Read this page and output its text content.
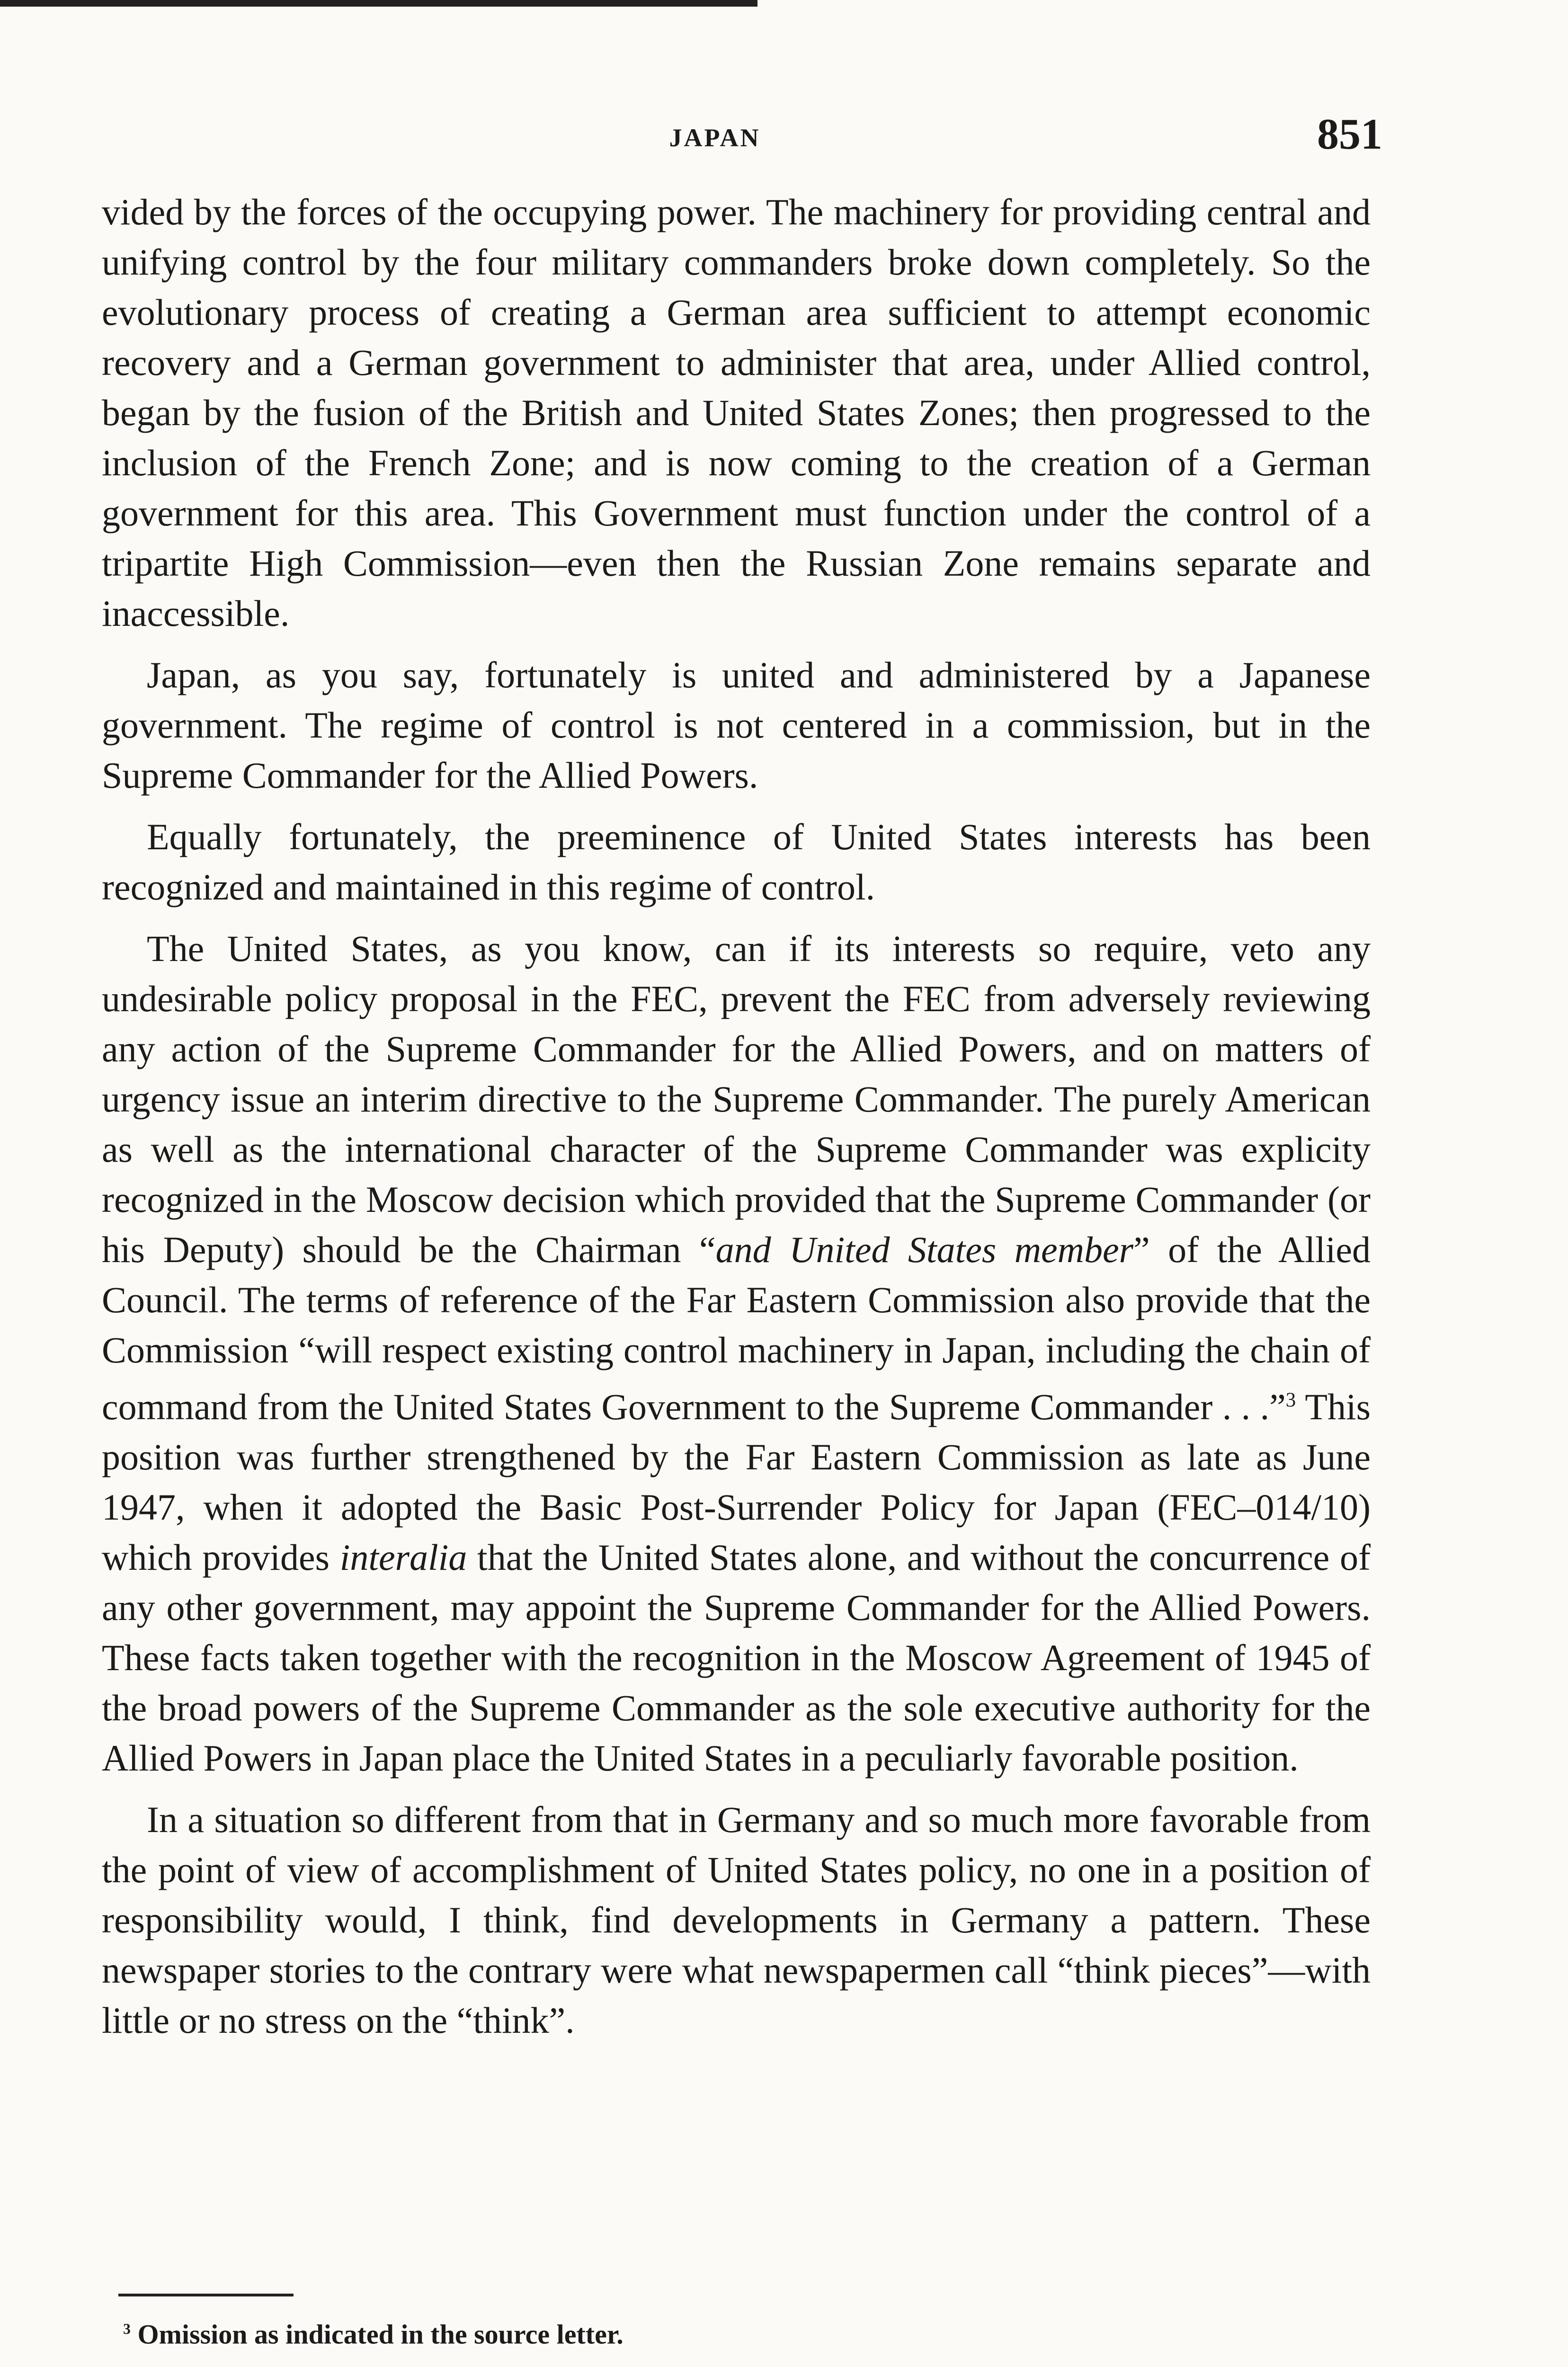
JAPAN	851

vided by the forces of the occupying power. The machinery for providing central and unifying control by the four military commanders broke down completely. So the evolutionary process of creating a German area sufficient to attempt economic recovery and a German government to administer that area, under Allied control, began by the fusion of the British and United States Zones; then progressed to the inclusion of the French Zone; and is now coming to the creation of a German government for this area. This Government must function under the control of a tripartite High Commission—even then the Russian Zone remains separate and inaccessible.

Japan, as you say, fortunately is united and administered by a Japanese government. The regime of control is not centered in a commission, but in the Supreme Commander for the Allied Powers.

Equally fortunately, the preeminence of United States interests has been recognized and maintained in this regime of control.

The United States, as you know, can if its interests so require, veto any undesirable policy proposal in the FEC, prevent the FEC from adversely reviewing any action of the Supreme Commander for the Allied Powers, and on matters of urgency issue an interim directive to the Supreme Commander. The purely American as well as the international character of the Supreme Commander was explicity recognized in the Moscow decision which provided that the Supreme Commander (or his Deputy) should be the Chairman “and United States member” of the Allied Council. The terms of reference of the Far Eastern Commission also provide that the Commission “will respect existing control machinery in Japan, including the chain of command from the United States Government to the Supreme Commander . . .”$^3$ This position was further strengthened by the Far Eastern Commission as late as June 1947, when it adopted the Basic Post-Surrender Policy for Japan (FEC–014/10) which provides interalia that the United States alone, and without the concurrence of any other government, may appoint the Supreme Commander for the Allied Powers. These facts taken together with the recognition in the Moscow Agreement of 1945 of the broad powers of the Supreme Commander as the sole executive authority for the Allied Powers in Japan place the United States in a peculiarly favorable position.

In a situation so different from that in Germany and so much more favorable from the point of view of accomplishment of United States policy, no one in a position of responsibility would, I think, find developments in Germany a pattern. These newspaper stories to the contrary were what newspapermen call “think pieces”—with little or no stress on the “think”.

$^3$ Omission as indicated in the source letter.
